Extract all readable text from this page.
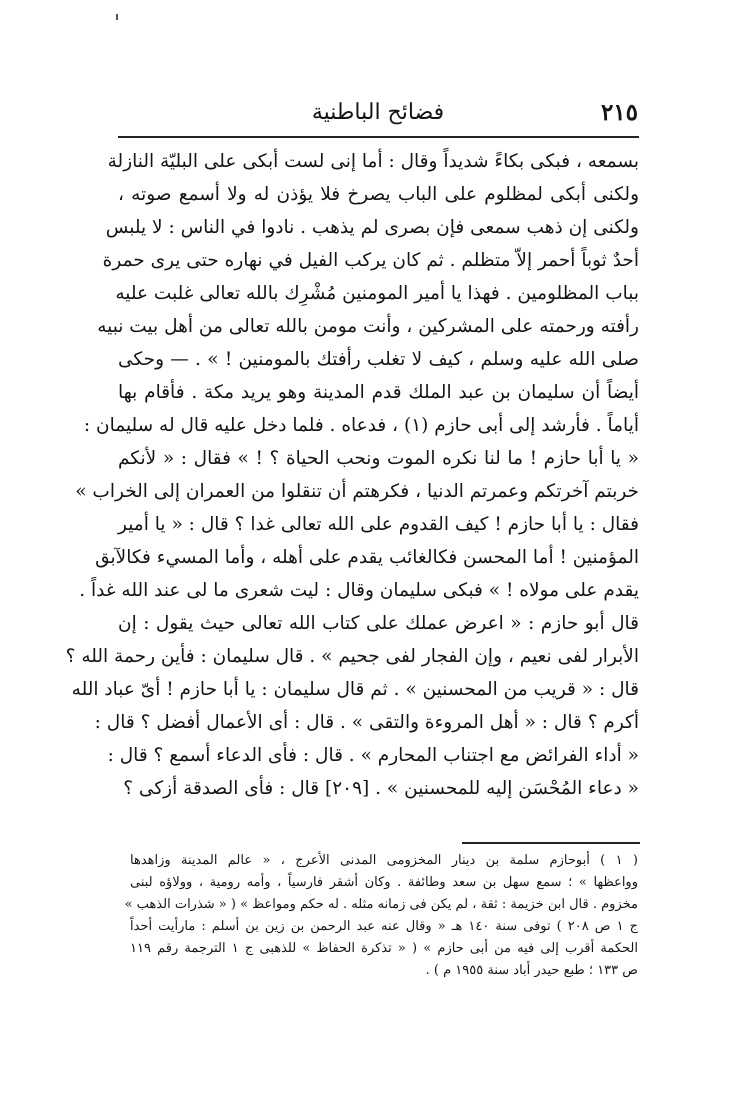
٢١٥
فضائح الباطنية
بسمعه ، فبكى بكاءً شديداً وقال : أما إنى لست أبكى على البليّة النازلة
ولكنى أبكى لمظلوم على الباب يصرخ فلا يؤذن له ولا أسمع صوته ،
ولكنى إن ذهب سمعى فإن بصرى لم يذهب . نادوا في الناس : لا يلبس
أحدٌ ثوباً أحمر إلاّ متظلم . ثم كان يركب الفيل في نهاره حتى يرى حمرة
بباب المظلومين . فهذا يا أمير المومنين مُشْرِك بالله تعالى غلبت عليه
رأفته ورحمته على المشركين ، وأنت مومن بالله تعالى من أهل بيت نبيه
صلى الله عليه وسلم ، كيف لا تغلب رأفتك بالمومنين ! » . — وحكى
أيضاً أن سليمان بن عبد الملك قدم المدينة وهو يريد مكة . فأقام بها
أياماً . فأرشد إلى أبى حازم (١) ، فدعاه . فلما دخل عليه قال له سليمان :
« يا أبا حازم ! ما لنا نكره الموت ونحب الحياة ؟ ! » فقال : « لأنكم
خربتم آخرتكم وعمرتم الدنيا ، فكرهتم أن تنقلوا من العمران إلى الخراب »
فقال : يا أبا حازم ! كيف القدوم على الله تعالى غدا ؟ قال : « يا أمير
المؤمنين ! أما المحسن فكالغائب يقدم على أهله ، وأما المسيء فكالآبق
يقدم على مولاه ! » فبكى سليمان وقال : ليت شعرى ما لى عند الله غداً .
قال أبو حازم : « اعرض عملك على كتاب الله تعالى حيث يقول : إن
الأبرار لفى نعيم ، وإن الفجار لفى جحيم » . قال سليمان : فأين رحمة الله ؟
قال : « قريب من المحسنين » . ثم قال سليمان : يا أبا حازم ! أىّ عباد الله
أكرم ؟ قال : « أهل المروءة والتقى » . قال : أى الأعمال أفضل ؟ قال :
« أداء الفرائض مع اجتناب المحارم » . قال : فأى الدعاء أسمع ؟ قال :
« دعاء المُحْسَن إليه للمحسنين » . [٢٠٩] قال : فأى الصدقة أزكى ؟
( ١ ) أبوحازم سلمة بن دينار المخزومى المدنى الأعرج ، « عالم المدينة وزاهدها
وواعظها » ؛ سمع سهل بن سعد وطائفة . وكان أشقر فارسياً ، وأمه رومية ، وولاؤه لبنى
مخزوم . قال ابن خزيمة : ثقة ، لم يكن فى زمانه مثله . له حكم ومواعظ » ( « شذرات الذهب »
ج ١ ص ٢٠٨ ) توفى سنة ١٤٠ هـ « وقال عنه عبد الرحمن بن زين بن أسلم : مارأيت أحداً
الحكمة أقرب إلى فيه من أبى حازم » ( « تذكرة الحفاظ » للذهبى ج ١ الترجمة رقم ١١٩
ص ١٣٣ ؛ طبع حيدر أباد سنة ١٩٥٥ م ) .
